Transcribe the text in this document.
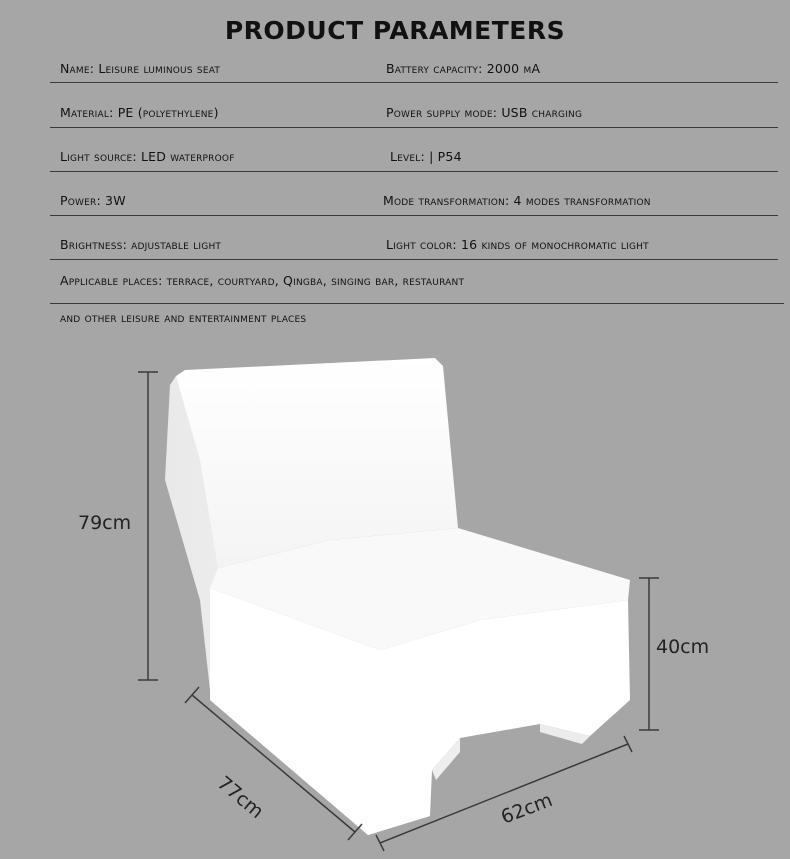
PRODUCT PARAMETERS
Name: Leisure luminous seat	Battery capacity: 2000 mA
Material: PE (polyethylene)	Power supply mode: USB charging
Light source: LED waterproof	Level: | P54
Power: 3W	Mode transformation: 4 modes transformation
Brightness: adjustable light	Light color: 16 kinds of monochromatic light
Applicable places: terrace, courtyard, Qingba, singing bar, restaurant
and other leisure and entertainment places
79cm
40cm
77cm	62cm
